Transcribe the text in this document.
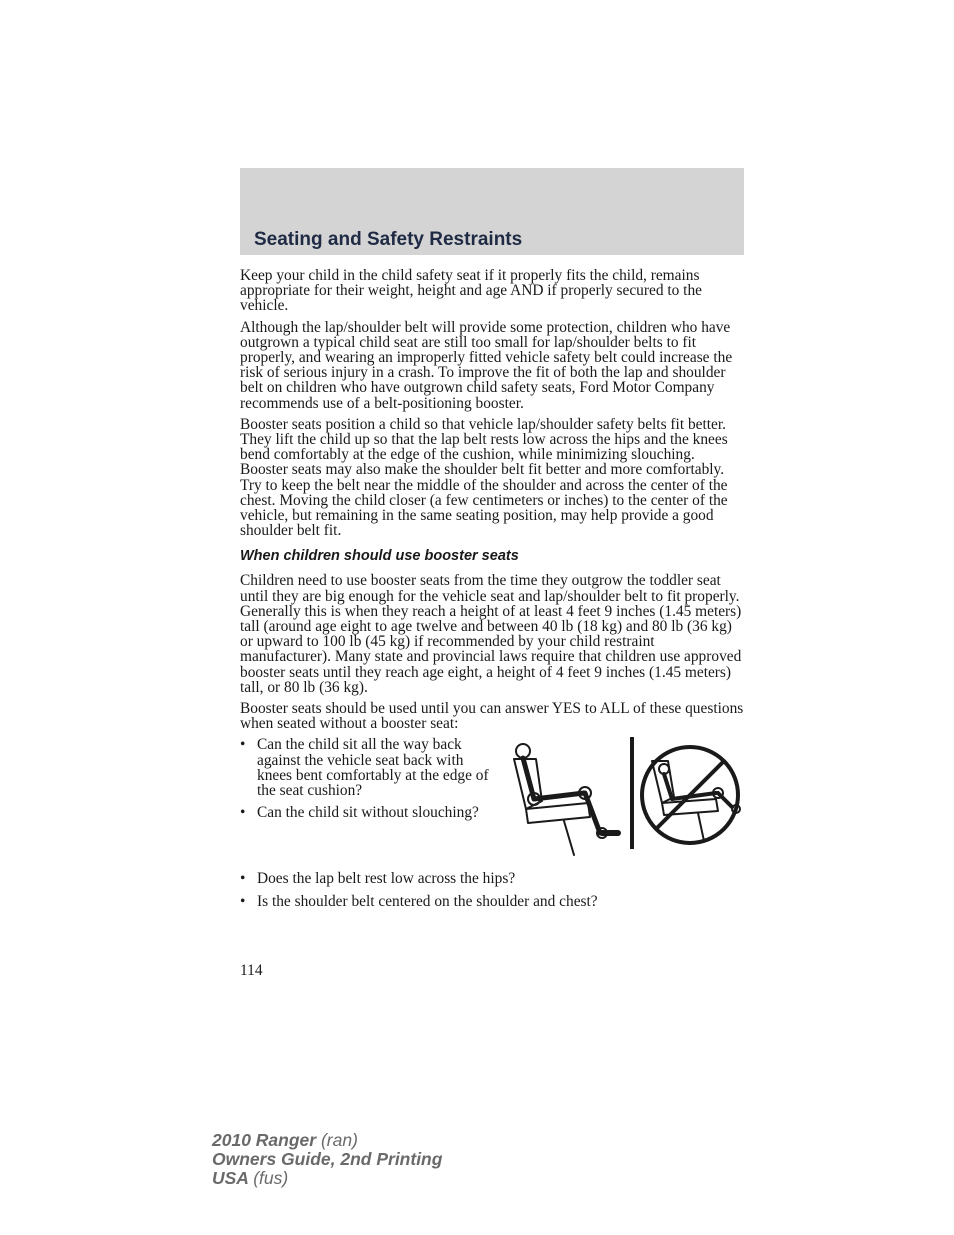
Seating and Safety Restraints

Keep your child in the child safety seat if it properly fits the child, remains appropriate for their weight, height and age AND if properly secured to the vehicle.

Although the lap/shoulder belt will provide some protection, children who have outgrown a typical child seat are still too small for lap/shoulder belts to fit properly, and wearing an improperly fitted vehicle safety belt could increase the risk of serious injury in a crash. To improve the fit of both the lap and shoulder belt on children who have outgrown child safety seats, Ford Motor Company recommends use of a belt-positioning booster.

Booster seats position a child so that vehicle lap/shoulder safety belts fit better. They lift the child up so that the lap belt rests low across the hips and the knees bend comfortably at the edge of the cushion, while minimizing slouching. Booster seats may also make the shoulder belt fit better and more comfortably. Try to keep the belt near the middle of the shoulder and across the center of the chest. Moving the child closer (a few centimeters or inches) to the center of the vehicle, but remaining in the same seating position, may help provide a good shoulder belt fit.

When children should use booster seats

Children need to use booster seats from the time they outgrow the toddler seat until they are big enough for the vehicle seat and lap/shoulder belt to fit properly. Generally this is when they reach a height of at least 4 feet 9 inches (1.45 meters) tall (around age eight to age twelve and between 40 lb (18 kg) and 80 lb (36 kg) or upward to 100 lb (45 kg) if recommended by your child restraint manufacturer). Many state and provincial laws require that children use approved booster seats until they reach age eight, a height of 4 feet 9 inches (1.45 meters) tall, or 80 lb (36 kg).

Booster seats should be used until you can answer YES to ALL of these questions when seated without a booster seat:

• Can the child sit all the way back against the vehicle seat back with knees bent comfortably at the edge of the seat cushion?
• Can the child sit without slouching?
• Does the lap belt rest low across the hips?
• Is the shoulder belt centered on the shoulder and chest?
114
2010 Ranger (ran)
Owners Guide, 2nd Printing
USA (fus)
